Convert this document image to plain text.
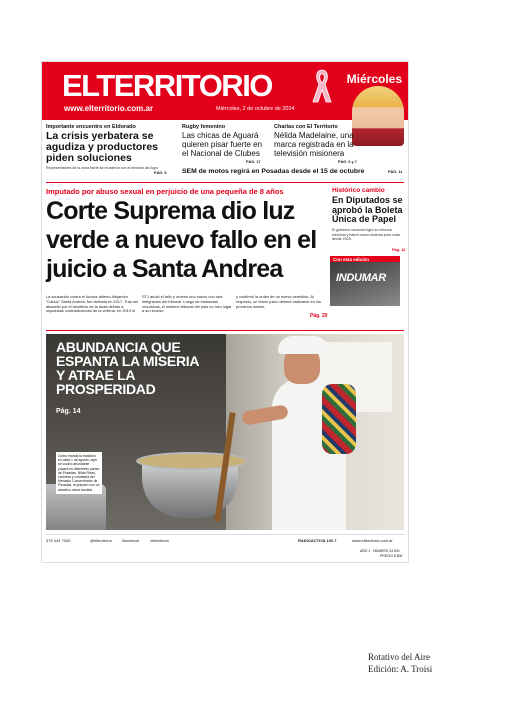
ELTERRITORIO	Miércoles
www.elterritorio.com.ar	Miércoles, 2 de octubre de 2024
Importante encuentro en Eldorado
La crisis yerbatera se agudiza y productores piden soluciones
Representantes de la zona Norte se reunieron con el ministro del Agro
PÁG. 9
Rugby femenino
Las chicas de Aguará quieren pisar fuerte en el Nacional de Clubes
PÁG. 17
Charlas con El Territorio
Nélida Madelaine, una marca registrada en la televisión misionera
PÁG. 6 y 7
SEM de motos regirá en Posadas desde el 15 de octubre	PÁG. 11
Imputado por abuso sexual en perjuicio de una pequeña de 8 años
Corte Suprema dio luz verde a nuevo fallo en el juicio a Santa Andrea
La acusación contra el locutor alberto Alejandro "Carlos" Santa Andrea, fue definida en 2017. Tras ser absuelto por el beneficio de la duda debido a supuestas contradicciones de la víctima, en 2019 el
STJ anuló el fallo y ordenó uno nuevo con otra integración del tribunal. Luego de instancias recursivas, el máximo tribunal del país no hizo lugar a su recurso
y confirmó la orden de un nuevo veredicto. Al respecto, un tercer juicio deberá realizarse en los próximos meses.
Pág. 20
Histórico cambio
En Diputados se aprobó la Boleta Única de Papel
El gobierno nacional logró su reforma electoral y habrá nuevo sistema para votar desde 2025.
Pág. 12
ABUNDANCIA QUE ESPANTA LA MISERIA Y ATRAE LA PROSPERIDAD
Pág. 14
Como manda la tradición en cada 1 de agosto, ayer se cocinó abundante yopará en diferentes partes de Posadas. Nilda Rivas, cocinera y voluntaria del Mercado Concentrador de Posadas, la preparó con un atractivo menú familiar.
376 444 7000	@elterritorio	/facebook	/elterritorio	RADIOACTIVA 100.7	www.elterritorio.com.ar
AÑO 1 · NÚMERO 24.000
PRECIO $ 800
Con esta edición
INDUMAR
Rotativo del Aire
Edición: A. Troisi
